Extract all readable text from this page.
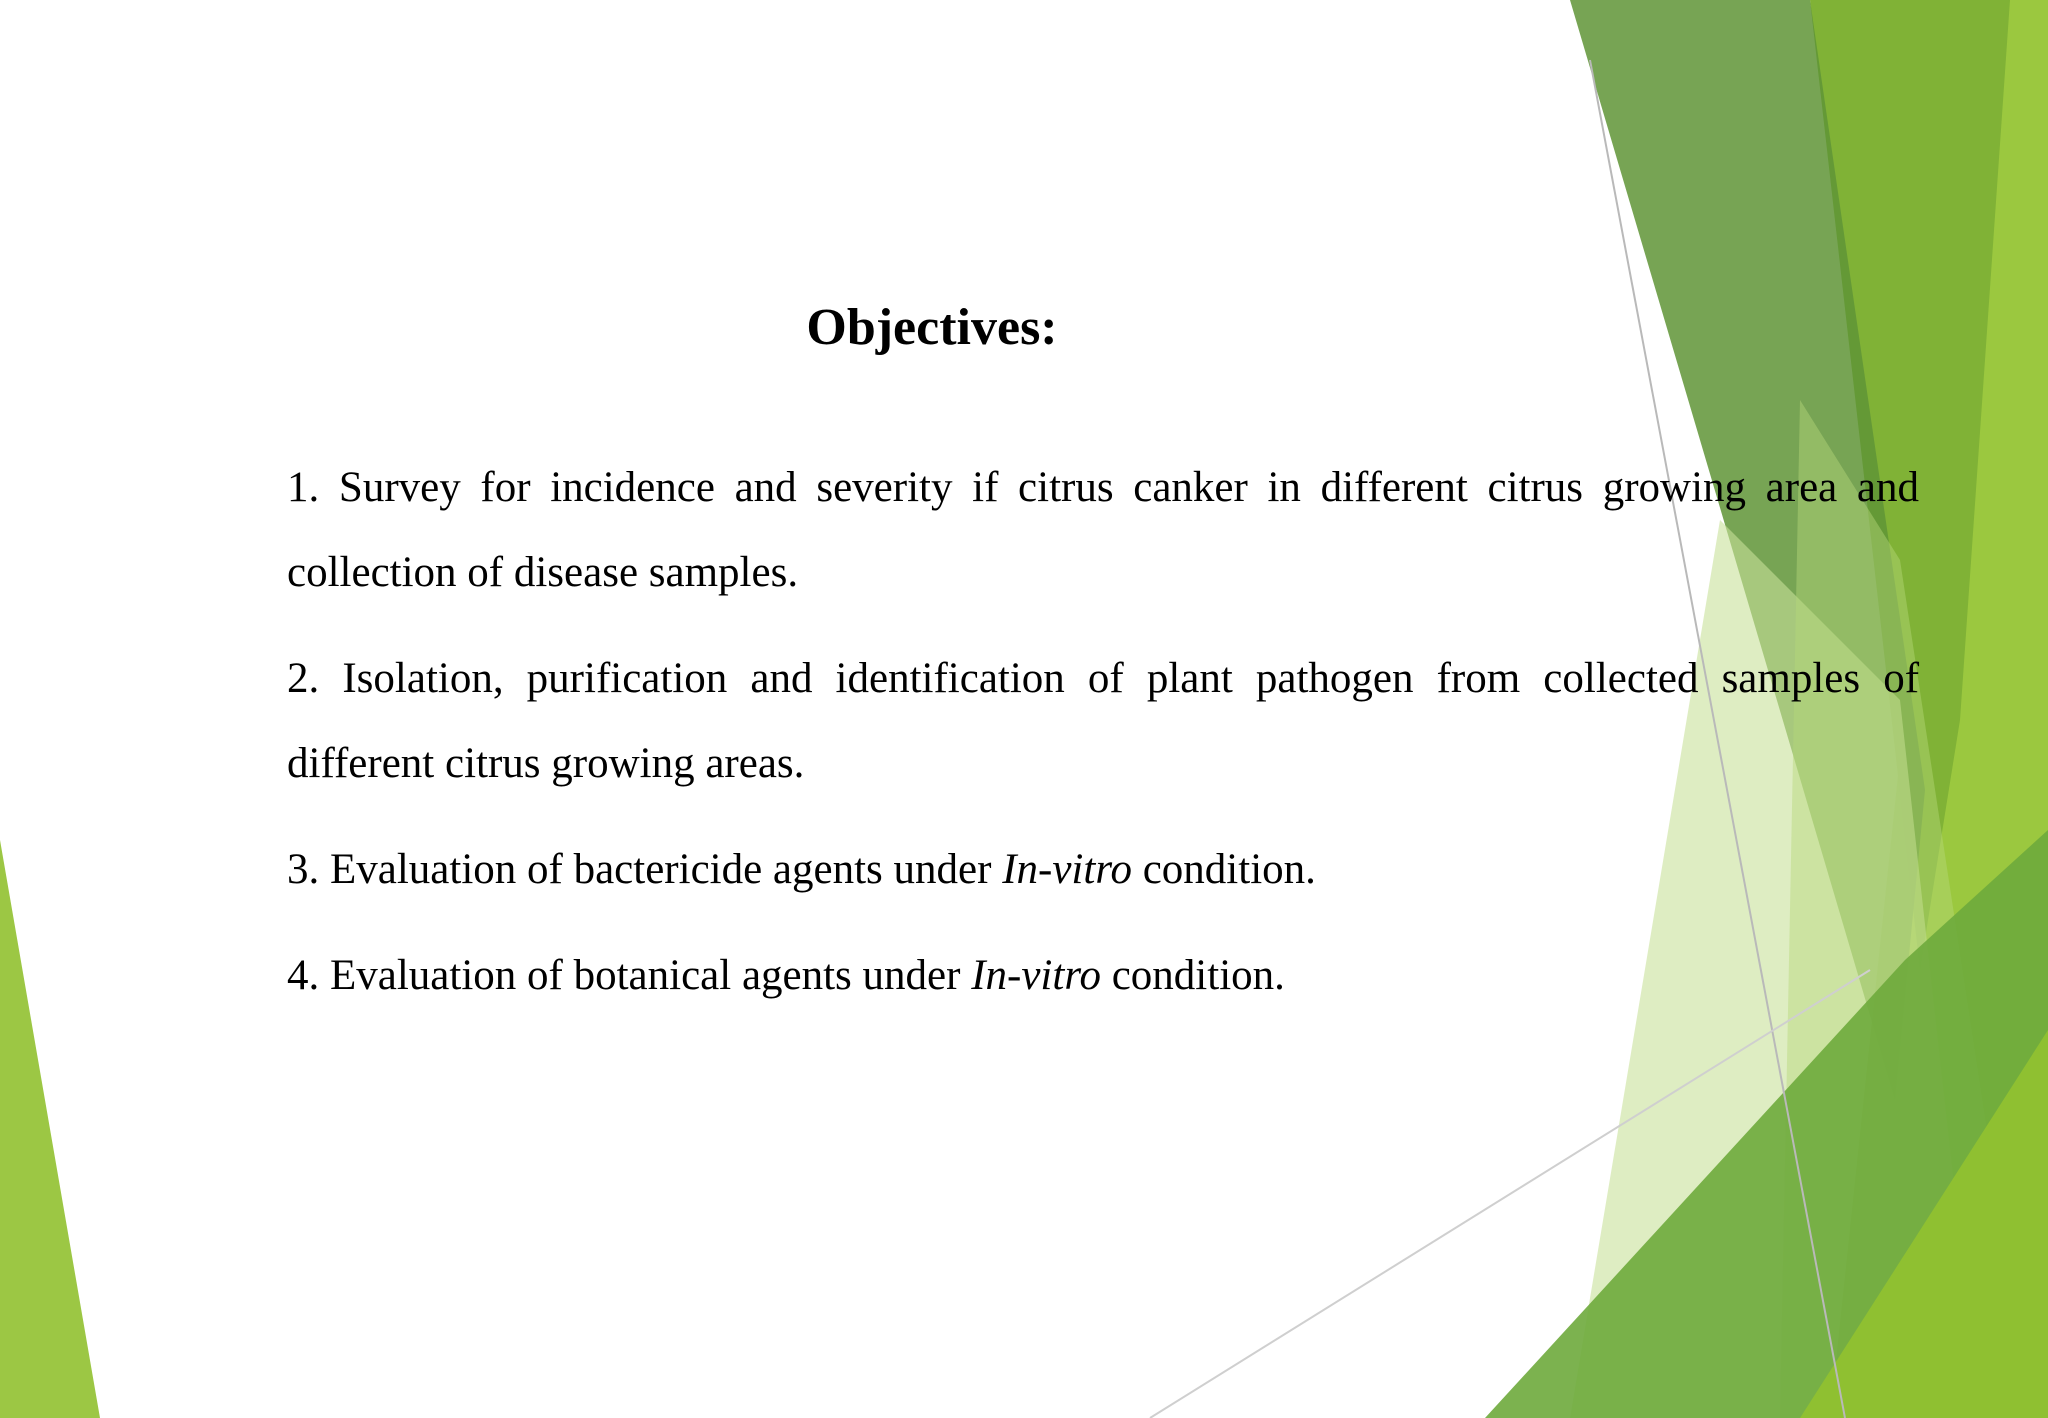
Objectives:
1. Survey for incidence and severity if citrus canker in different citrus growing area and collection of disease samples.
2. Isolation, purification and identification of plant pathogen from collected samples of different citrus growing areas.
3. Evaluation of bactericide agents under In-vitro condition.
4. Evaluation of botanical agents under In-vitro condition.
